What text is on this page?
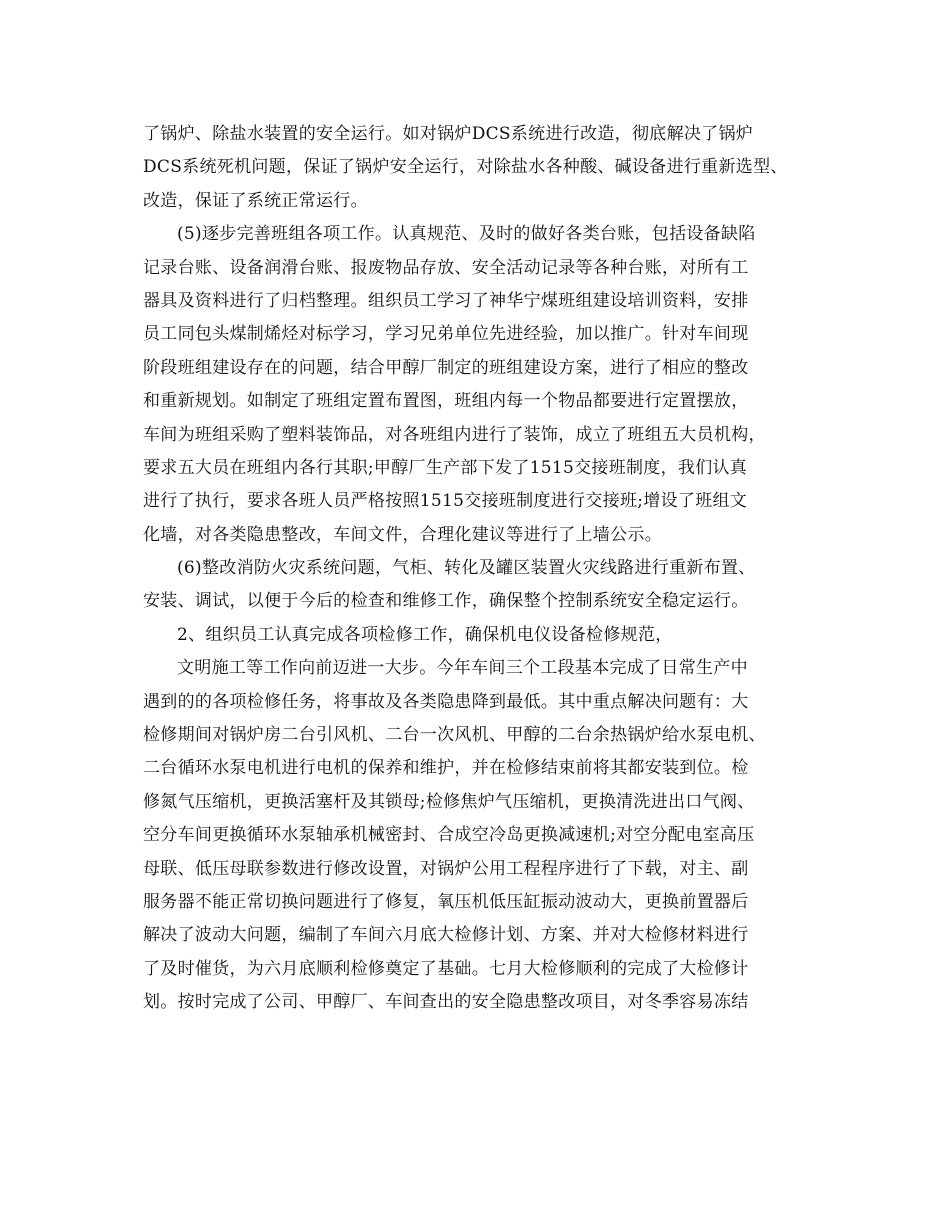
了锅炉、除盐水装置的安全运行。如对锅炉DCS系统进行改造，彻底解决了锅炉
DCS系统死机问题，保证了锅炉安全运行，对除盐水各种酸、碱设备进行重新选型、
改造，保证了系统正常运行。
(5)逐步完善班组各项工作。认真规范、及时的做好各类台账，包括设备缺陷
记录台账、设备润滑台账、报废物品存放、安全活动记录等各种台账，对所有工
器具及资料进行了归档整理。组织员工学习了神华宁煤班组建设培训资料，安排
员工同包头煤制烯烃对标学习，学习兄弟单位先进经验，加以推广。针对车间现
阶段班组建设存在的问题，结合甲醇厂制定的班组建设方案，进行了相应的整改
和重新规划。如制定了班组定置布置图，班组内每一个物品都要进行定置摆放，
车间为班组采购了塑料装饰品，对各班组内进行了装饰，成立了班组五大员机构，
要求五大员在班组内各行其职;甲醇厂生产部下发了1515交接班制度，我们认真
进行了执行，要求各班人员严格按照1515交接班制度进行交接班;增设了班组文
化墙，对各类隐患整改，车间文件，合理化建议等进行了上墙公示。
(6)整改消防火灾系统问题，气柜、转化及罐区装置火灾线路进行重新布置、
安装、调试，以便于今后的检查和维修工作，确保整个控制系统安全稳定运行。
2、组织员工认真完成各项检修工作，确保机电仪设备检修规范，
文明施工等工作向前迈进一大步。今年车间三个工段基本完成了日常生产中
遇到的的各项检修任务，将事故及各类隐患降到最低。其中重点解决问题有：大
检修期间对锅炉房二台引风机、二台一次风机、甲醇的二台余热锅炉给水泵电机、
二台循环水泵电机进行电机的保养和维护，并在检修结束前将其都安装到位。检
修氮气压缩机，更换活塞杆及其锁母;检修焦炉气压缩机，更换清洗进出口气阀、
空分车间更换循环水泵轴承机械密封、合成空冷岛更换减速机;对空分配电室高压
母联、低压母联参数进行修改设置，对锅炉公用工程程序进行了下载，对主、副
服务器不能正常切换问题进行了修复，氧压机低压缸振动波动大，更换前置器后
解决了波动大问题，编制了车间六月底大检修计划、方案、并对大检修材料进行
了及时催货，为六月底顺利检修奠定了基础。七月大检修顺利的完成了大检修计
划。按时完成了公司、甲醇厂、车间查出的安全隐患整改项目，对冬季容易冻结
